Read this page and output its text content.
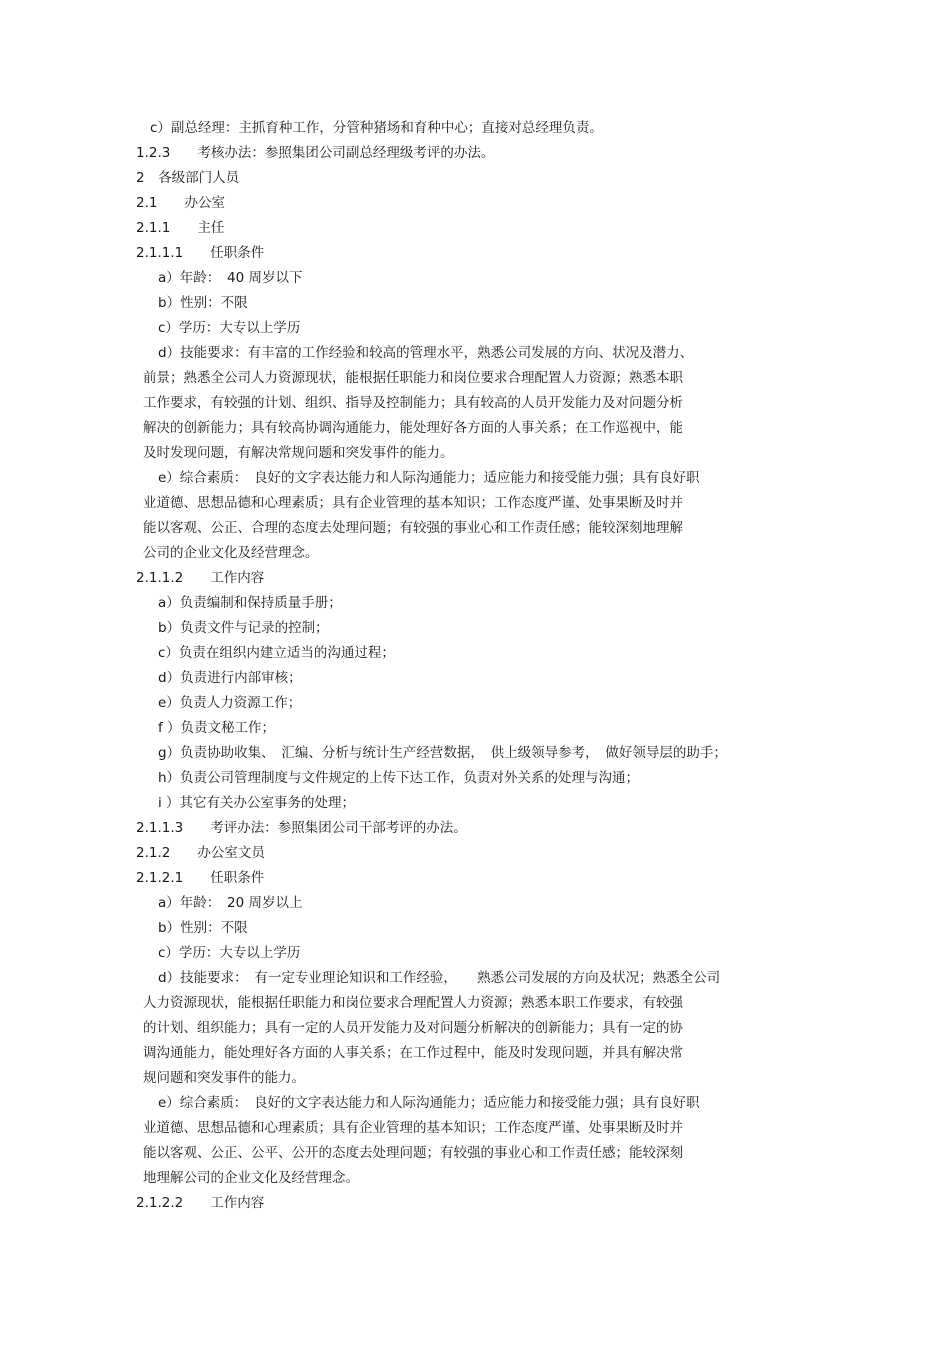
c）副总经理：主抓育种工作，分管种猪场和育种中心；直接对总经理负责。
1.2.3　　考核办法：参照集团公司副总经理级考评的办法。
2　各级部门人员
2.1　　办公室
2.1.1　　主任
2.1.1.1　　任职条件
a）年龄：　40 周岁以下
b）性别：不限
c）学历：大专以上学历
d）技能要求：有丰富的工作经验和较高的管理水平，熟悉公司发展的方向、状况及潜力、
前景；熟悉全公司人力资源现状，能根据任职能力和岗位要求合理配置人力资源；熟悉本职
工作要求，有较强的计划、组织、指导及控制能力；具有较高的人员开发能力及对问题分析
解决的创新能力；具有较高协调沟通能力，能处理好各方面的人事关系；在工作巡视中，能
及时发现问题，有解决常规问题和突发事件的能力。
e）综合素质：　良好的文字表达能力和人际沟通能力；适应能力和接受能力强；具有良好职
业道德、思想品德和心理素质；具有企业管理的基本知识；工作态度严谨、处事果断及时并
能以客观、公正、合理的态度去处理问题；有较强的事业心和工作责任感；能较深刻地理解
公司的企业文化及经营理念。
2.1.1.2　　工作内容
a）负责编制和保持质量手册；
b）负责文件与记录的控制；
c）负责在组织内建立适当的沟通过程；
d）负责进行内部审核；
e）负责人力资源工作；
f ）负责文秘工作；
g）负责协助收集、　汇编、分析与统计生产经营数据，　供上级领导参考，　做好领导层的助手；
h）负责公司管理制度与文件规定的上传下达工作，负责对外关系的处理与沟通；
i ）其它有关办公室事务的处理；
2.1.1.3　　考评办法：参照集团公司干部考评的办法。
2.1.2　　办公室文员
2.1.2.1　　任职条件
a）年龄：　20 周岁以上
b）性别：不限
c）学历：大专以上学历
d）技能要求：　有一定专业理论知识和工作经验，　　熟悉公司发展的方向及状况；熟悉全公司
人力资源现状，能根据任职能力和岗位要求合理配置人力资源；熟悉本职工作要求，有较强
的计划、组织能力；具有一定的人员开发能力及对问题分析解决的创新能力；具有一定的协
调沟通能力，能处理好各方面的人事关系；在工作过程中，能及时发现问题，并具有解决常
规问题和突发事件的能力。
e）综合素质：　良好的文字表达能力和人际沟通能力；适应能力和接受能力强；具有良好职
业道德、思想品德和心理素质；具有企业管理的基本知识；工作态度严谨、处事果断及时并
能以客观、公正、公平、公开的态度去处理问题；有较强的事业心和工作责任感；能较深刻
地理解公司的企业文化及经营理念。
2.1.2.2　　工作内容
